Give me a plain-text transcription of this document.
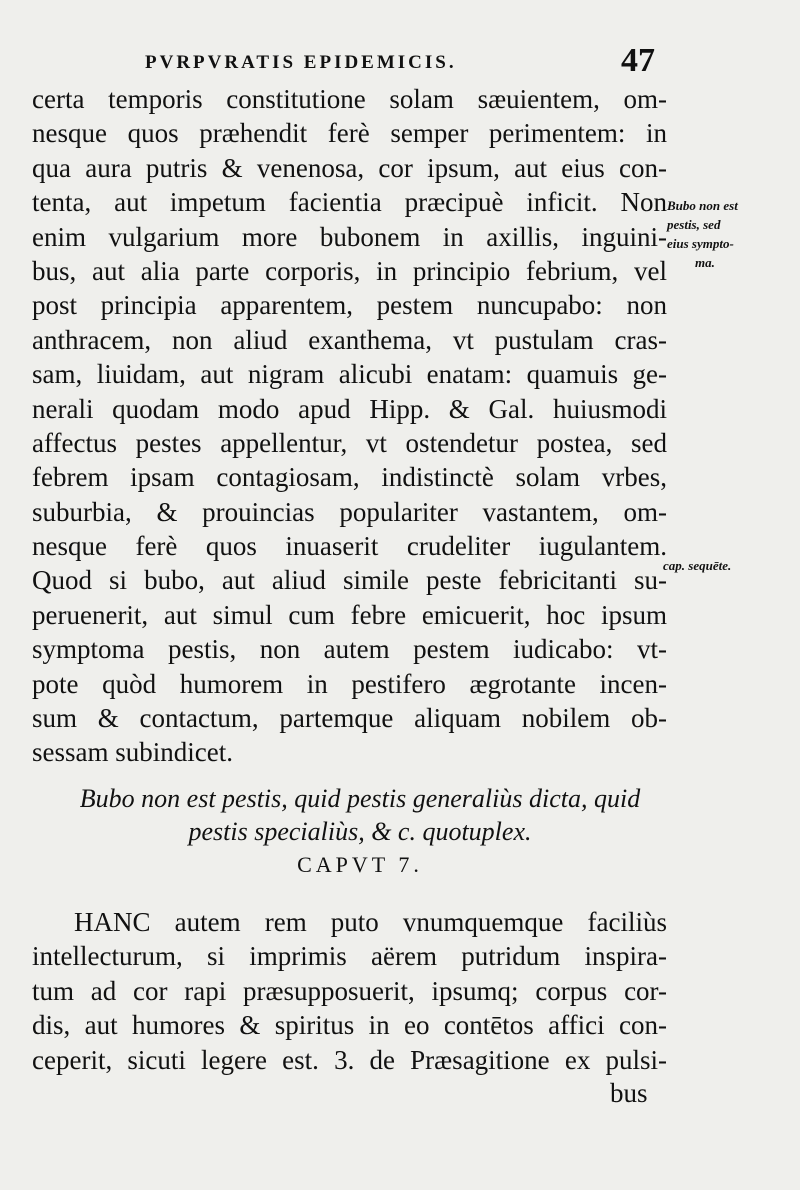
PVRPVRATIS EPIDEMICIS.	47
certa temporis constitutione solam sæuientem, om-
nesque quos præhendit ferè semper perimentem: in
qua aura putris & venenosa, cor ipsum, aut eius con-
tenta, aut impetum facientia præcipuè inficit. Non
enim vulgarium more bubonem in axillis, inguini-
bus, aut alia parte corporis, in principio febrium, vel
post principia apparentem, pestem nuncupabo: non
anthracem, non aliud exanthema, vt pustulam cras-
sam, liuidam, aut nigram alicubi enatam: quamuis ge-
nerali quodam modo apud Hipp. & Gal. huiusmodi
affectus pestes appellentur, vt ostendetur postea, sed
febrem ipsam contagiosam, indistinctè solam vrbes,
suburbia, & prouincias populariter vastantem, om-
nesque ferè quos inuaserit crudeliter iugulantem.
Quod si bubo, aut aliud simile peste febricitanti su-
peruenerit, aut simul cum febre emicuerit, hoc ipsum
symptoma pestis, non autem pestem iudicabo: vt-
pote quòd humorem in pestifero ægrotante incen-
sum & contactum, partemque aliquam nobilem ob-
sessam subindicet.
Bubo non est
pestis, sed
eius sympto-
ma.
cap. sequēte.
Bubo non est pestis, quid pestis generaliùs dicta, quid
pestis specialiùs, & c. quotuplex.
CAPVT 7.
HANC autem rem puto vnumquemque faciliùs
intellecturum, si imprimis aërem putridum inspira-
tum ad cor rapi præsupposuerit, ipsumq; corpus cor-
dis, aut humores & spiritus in eo contētos affici con-
ceperit, sicuti legere est. 3. de Præsagitione ex pulsi-
bus
